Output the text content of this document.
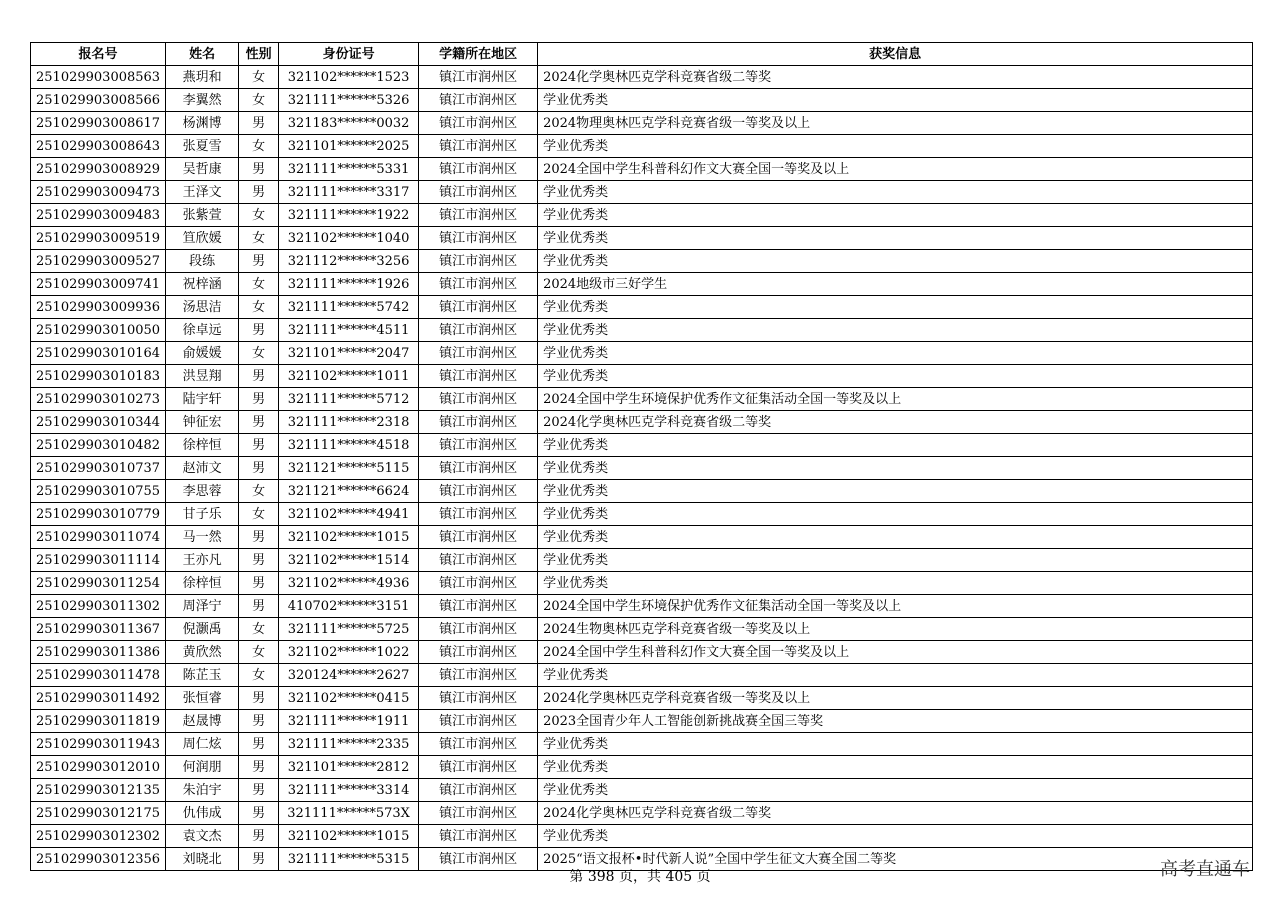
报名号	姓名	性别	身份证号	学籍所在地区	获奖信息
251029903008563	燕玥和	女	321102******1523	镇江市润州区	2024化学奥林匹克学科竞赛省级二等奖
251029903008566	李翼然	女	321111******5326	镇江市润州区	学业优秀类
251029903008617	杨渊博	男	321183******0032	镇江市润州区	2024物理奥林匹克学科竞赛省级一等奖及以上
251029903008643	张夏雪	女	321101******2025	镇江市润州区	学业优秀类
251029903008929	吴哲康	男	321111******5331	镇江市润州区	2024全国中学生科普科幻作文大赛全国一等奖及以上
251029903009473	王泽文	男	321111******3317	镇江市润州区	学业优秀类
251029903009483	张紫萱	女	321111******1922	镇江市润州区	学业优秀类
251029903009519	笪欣媛	女	321102******1040	镇江市润州区	学业优秀类
251029903009527	段练	男	321112******3256	镇江市润州区	学业优秀类
251029903009741	祝梓涵	女	321111******1926	镇江市润州区	2024地级市三好学生
251029903009936	汤思洁	女	321111******5742	镇江市润州区	学业优秀类
251029903010050	徐卓远	男	321111******4511	镇江市润州区	学业优秀类
251029903010164	俞媛媛	女	321101******2047	镇江市润州区	学业优秀类
251029903010183	洪昱翔	男	321102******1011	镇江市润州区	学业优秀类
251029903010273	陆宇轩	男	321111******5712	镇江市润州区	2024全国中学生环境保护优秀作文征集活动全国一等奖及以上
251029903010344	钟征宏	男	321111******2318	镇江市润州区	2024化学奥林匹克学科竞赛省级二等奖
251029903010482	徐梓恒	男	321111******4518	镇江市润州区	学业优秀类
251029903010737	赵沛文	男	321121******5115	镇江市润州区	学业优秀类
251029903010755	李思蓉	女	321121******6624	镇江市润州区	学业优秀类
251029903010779	甘子乐	女	321102******4941	镇江市润州区	学业优秀类
251029903011074	马一然	男	321102******1015	镇江市润州区	学业优秀类
251029903011114	王亦凡	男	321102******1514	镇江市润州区	学业优秀类
251029903011254	徐梓恒	男	321102******4936	镇江市润州区	学业优秀类
251029903011302	周泽宁	男	410702******3151	镇江市润州区	2024全国中学生环境保护优秀作文征集活动全国一等奖及以上
251029903011367	倪灏禹	女	321111******5725	镇江市润州区	2024生物奥林匹克学科竞赛省级一等奖及以上
251029903011386	黄欣然	女	321102******1022	镇江市润州区	2024全国中学生科普科幻作文大赛全国一等奖及以上
251029903011478	陈芷玉	女	320124******2627	镇江市润州区	学业优秀类
251029903011492	张恒睿	男	321102******0415	镇江市润州区	2024化学奥林匹克学科竞赛省级一等奖及以上
251029903011819	赵晟博	男	321111******1911	镇江市润州区	2023全国青少年人工智能创新挑战赛全国三等奖
251029903011943	周仁炫	男	321111******2335	镇江市润州区	学业优秀类
251029903012010	何润朋	男	321101******2812	镇江市润州区	学业优秀类
251029903012135	朱泊宇	男	321111******3314	镇江市润州区	学业优秀类
251029903012175	仇伟成	男	321111******573X	镇江市润州区	2024化学奥林匹克学科竞赛省级二等奖
251029903012302	袁文杰	男	321102******1015	镇江市润州区	学业优秀类
251029903012356	刘晓北	男	321111******5315	镇江市润州区	2025“语文报杯•时代新人说”全国中学生征文大赛全国二等奖
第 398 页，共 405 页	高考直通车
